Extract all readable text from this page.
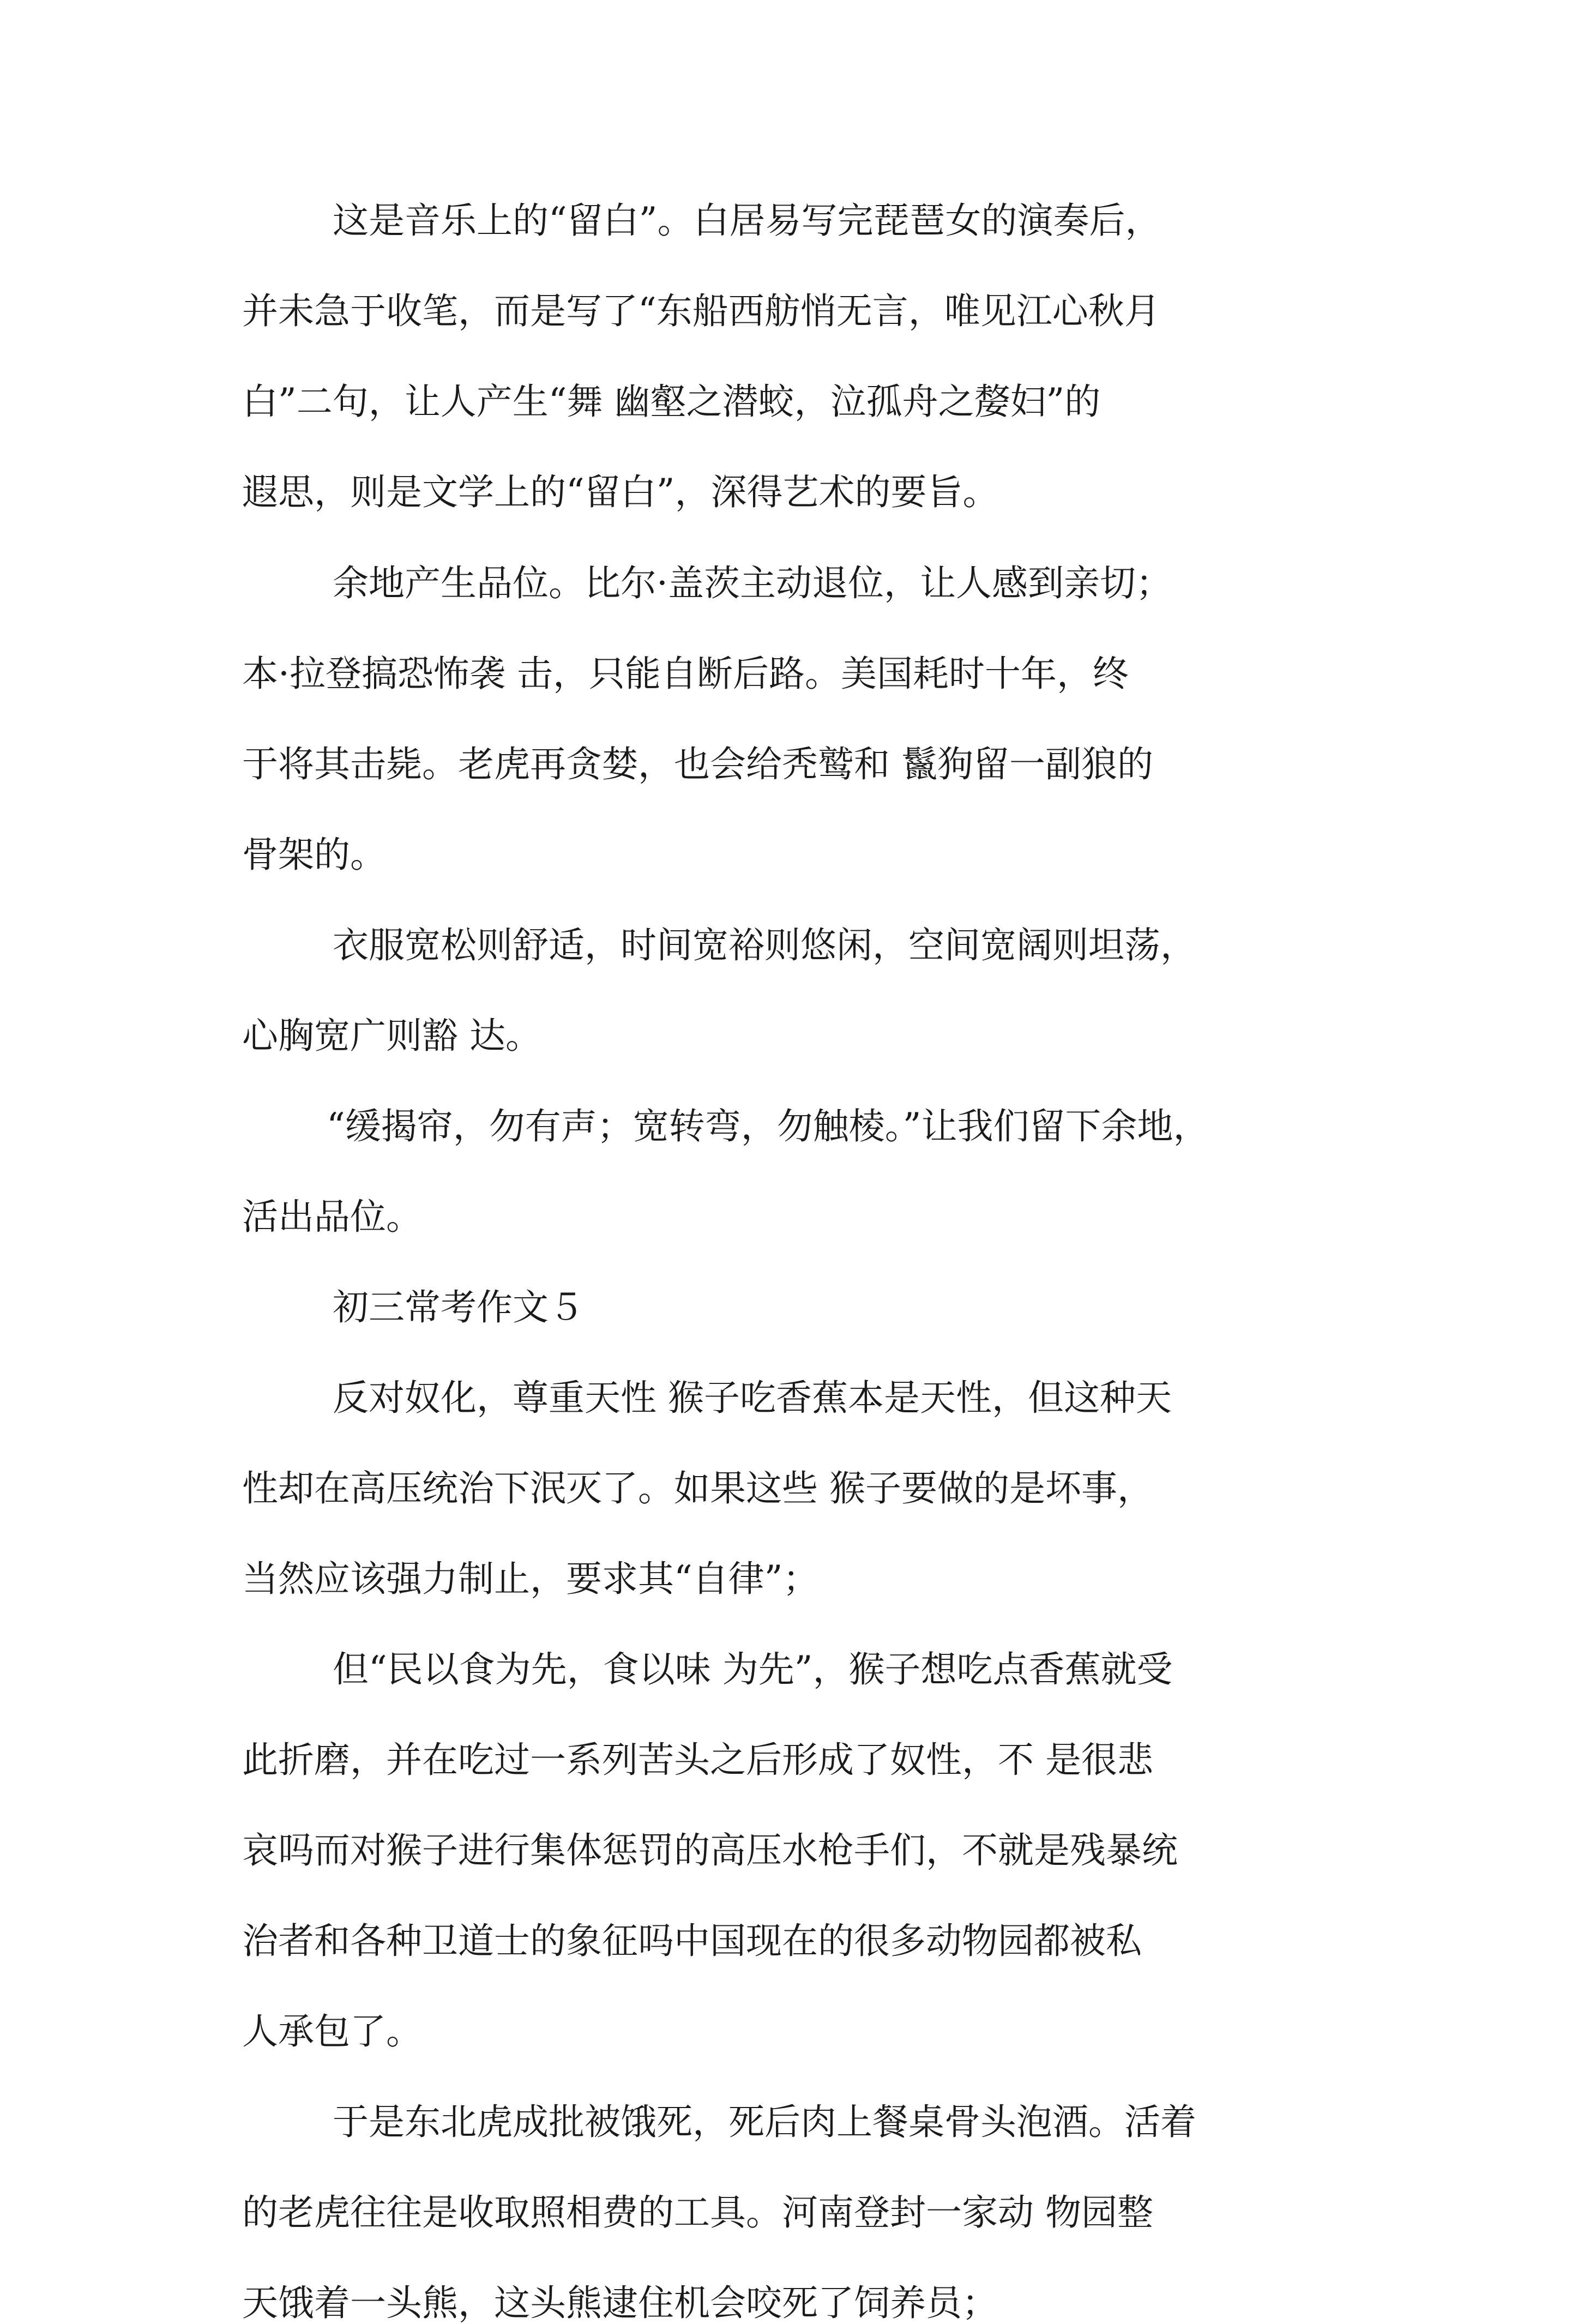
这是音乐上的“留白”。白居易写完琵琶女的演奏后，
并未急于收笔，而是写了“东船西舫悄无言，唯见江心秋月
白”二句，让人产生“舞 幽壑之潜蛟，泣孤舟之嫠妇”的
遐思，则是文学上的“留白”，深得艺术的要旨。
余地产生品位。比尔·盖茨主动退位，让人感到亲切；
本·拉登搞恐怖袭 击，只能自断后路。美国耗时十年，终
于将其击毙。老虎再贪婪，也会给秃鹫和 鬣狗留一副狼的
骨架的。
衣服宽松则舒适，时间宽裕则悠闲，空间宽阔则坦荡，
心胸宽广则豁 达。
“缓揭帘，勿有声；宽转弯，勿触棱。”让我们留下余地，
活出品位。
初三常考作文５
反对奴化，尊重天性 猴子吃香蕉本是天性，但这种天
性却在高压统治下泯灭了。如果这些 猴子要做的是坏事，
当然应该强力制止，要求其“自律”；
但“民以食为先，食以味 为先”，猴子想吃点香蕉就受
此折磨，并在吃过一系列苦头之后形成了奴性，不 是很悲
哀吗而对猴子进行集体惩罚的高压水枪手们，不就是残暴统
治者和各种卫道士的象征吗中国现在的很多动物园都被私
人承包了。
于是东北虎成批被饿死，死后肉上餐桌骨头泡酒。活着
的老虎往往是收取照相费的工具。河南登封一家动 物园整
天饿着一头熊，这头熊逮住机会咬死了饲养员；
